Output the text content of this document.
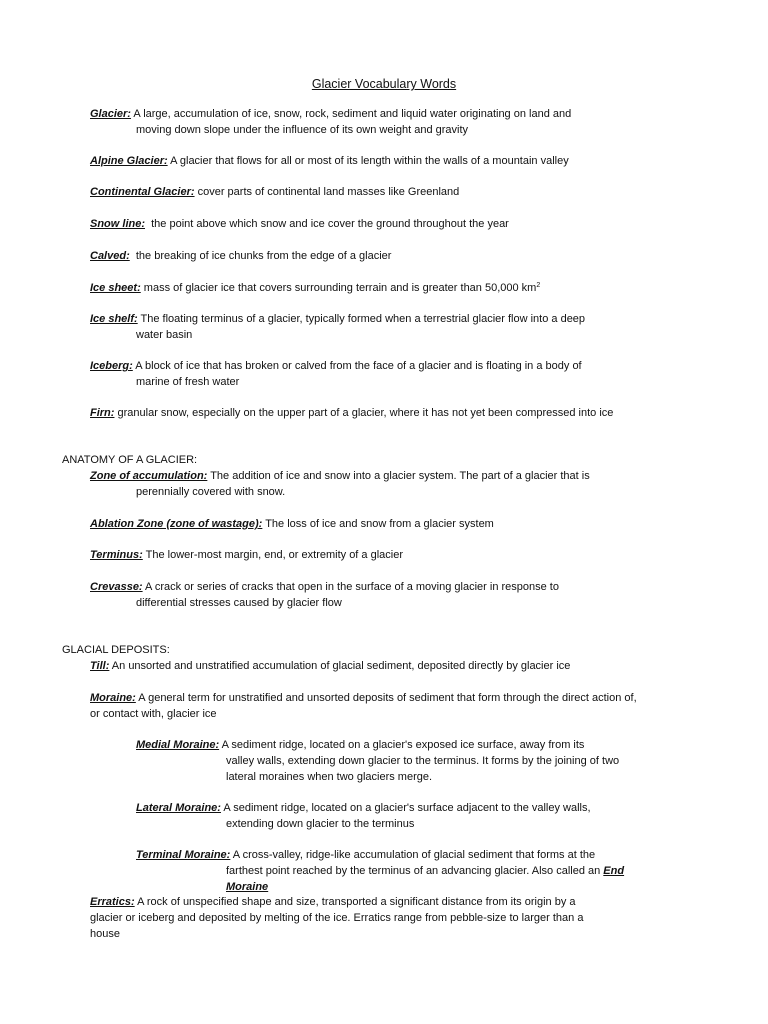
Glacier Vocabulary Words

Glacier: A large, accumulation of ice, snow, rock, sediment and liquid water originating on land and
moving down slope under the influence of its own weight and gravity

Alpine Glacier: A glacier that flows for all or most of its length within the walls of a mountain valley

Continental Glacier: cover parts of continental land masses like Greenland

Snow line:  the point above which snow and ice cover the ground throughout the year

Calved:  the breaking of ice chunks from the edge of a glacier

Ice sheet: mass of glacier ice that covers surrounding terrain and is greater than 50,000 $km^2$

Ice shelf: The floating terminus of a glacier, typically formed when a terrestrial glacier flow into a deep
water basin

Iceberg: A block of ice that has broken or calved from the face of a glacier and is floating in a body of
marine of fresh water

Firn: granular snow, especially on the upper part of a glacier, where it has not yet been compressed into ice

ANATOMY OF A GLACIER:

Zone of accumulation: The addition of ice and snow into a glacier system. The part of a glacier that is
perennially covered with snow.

Ablation Zone (zone of wastage): The loss of ice and snow from a glacier system

Terminus: The lower-most margin, end, or extremity of a glacier

Crevasse: A crack or series of cracks that open in the surface of a moving glacier in response to
differential stresses caused by glacier flow

GLACIAL DEPOSITS:

Till: An unsorted and unstratified accumulation of glacial sediment, deposited directly by glacier ice

Moraine: A general term for unstratified and unsorted deposits of sediment that form through the direct action of,
or contact with, glacier ice

Medial Moraine: A sediment ridge, located on a glacier's exposed ice surface, away from its
valley walls, extending down glacier to the terminus. It forms by the joining of two
lateral moraines when two glaciers merge.

Lateral Moraine: A sediment ridge, located on a glacier's surface adjacent to the valley walls,
extending down glacier to the terminus

Terminal Moraine: A cross-valley, ridge-like accumulation of glacial sediment that forms at the
farthest point reached by the terminus of an advancing glacier. Also called an End
Moraine

Erratics: A rock of unspecified shape and size, transported a significant distance from its origin by a
glacier or iceberg and deposited by melting of the ice. Erratics range from pebble-size to larger than a
house
